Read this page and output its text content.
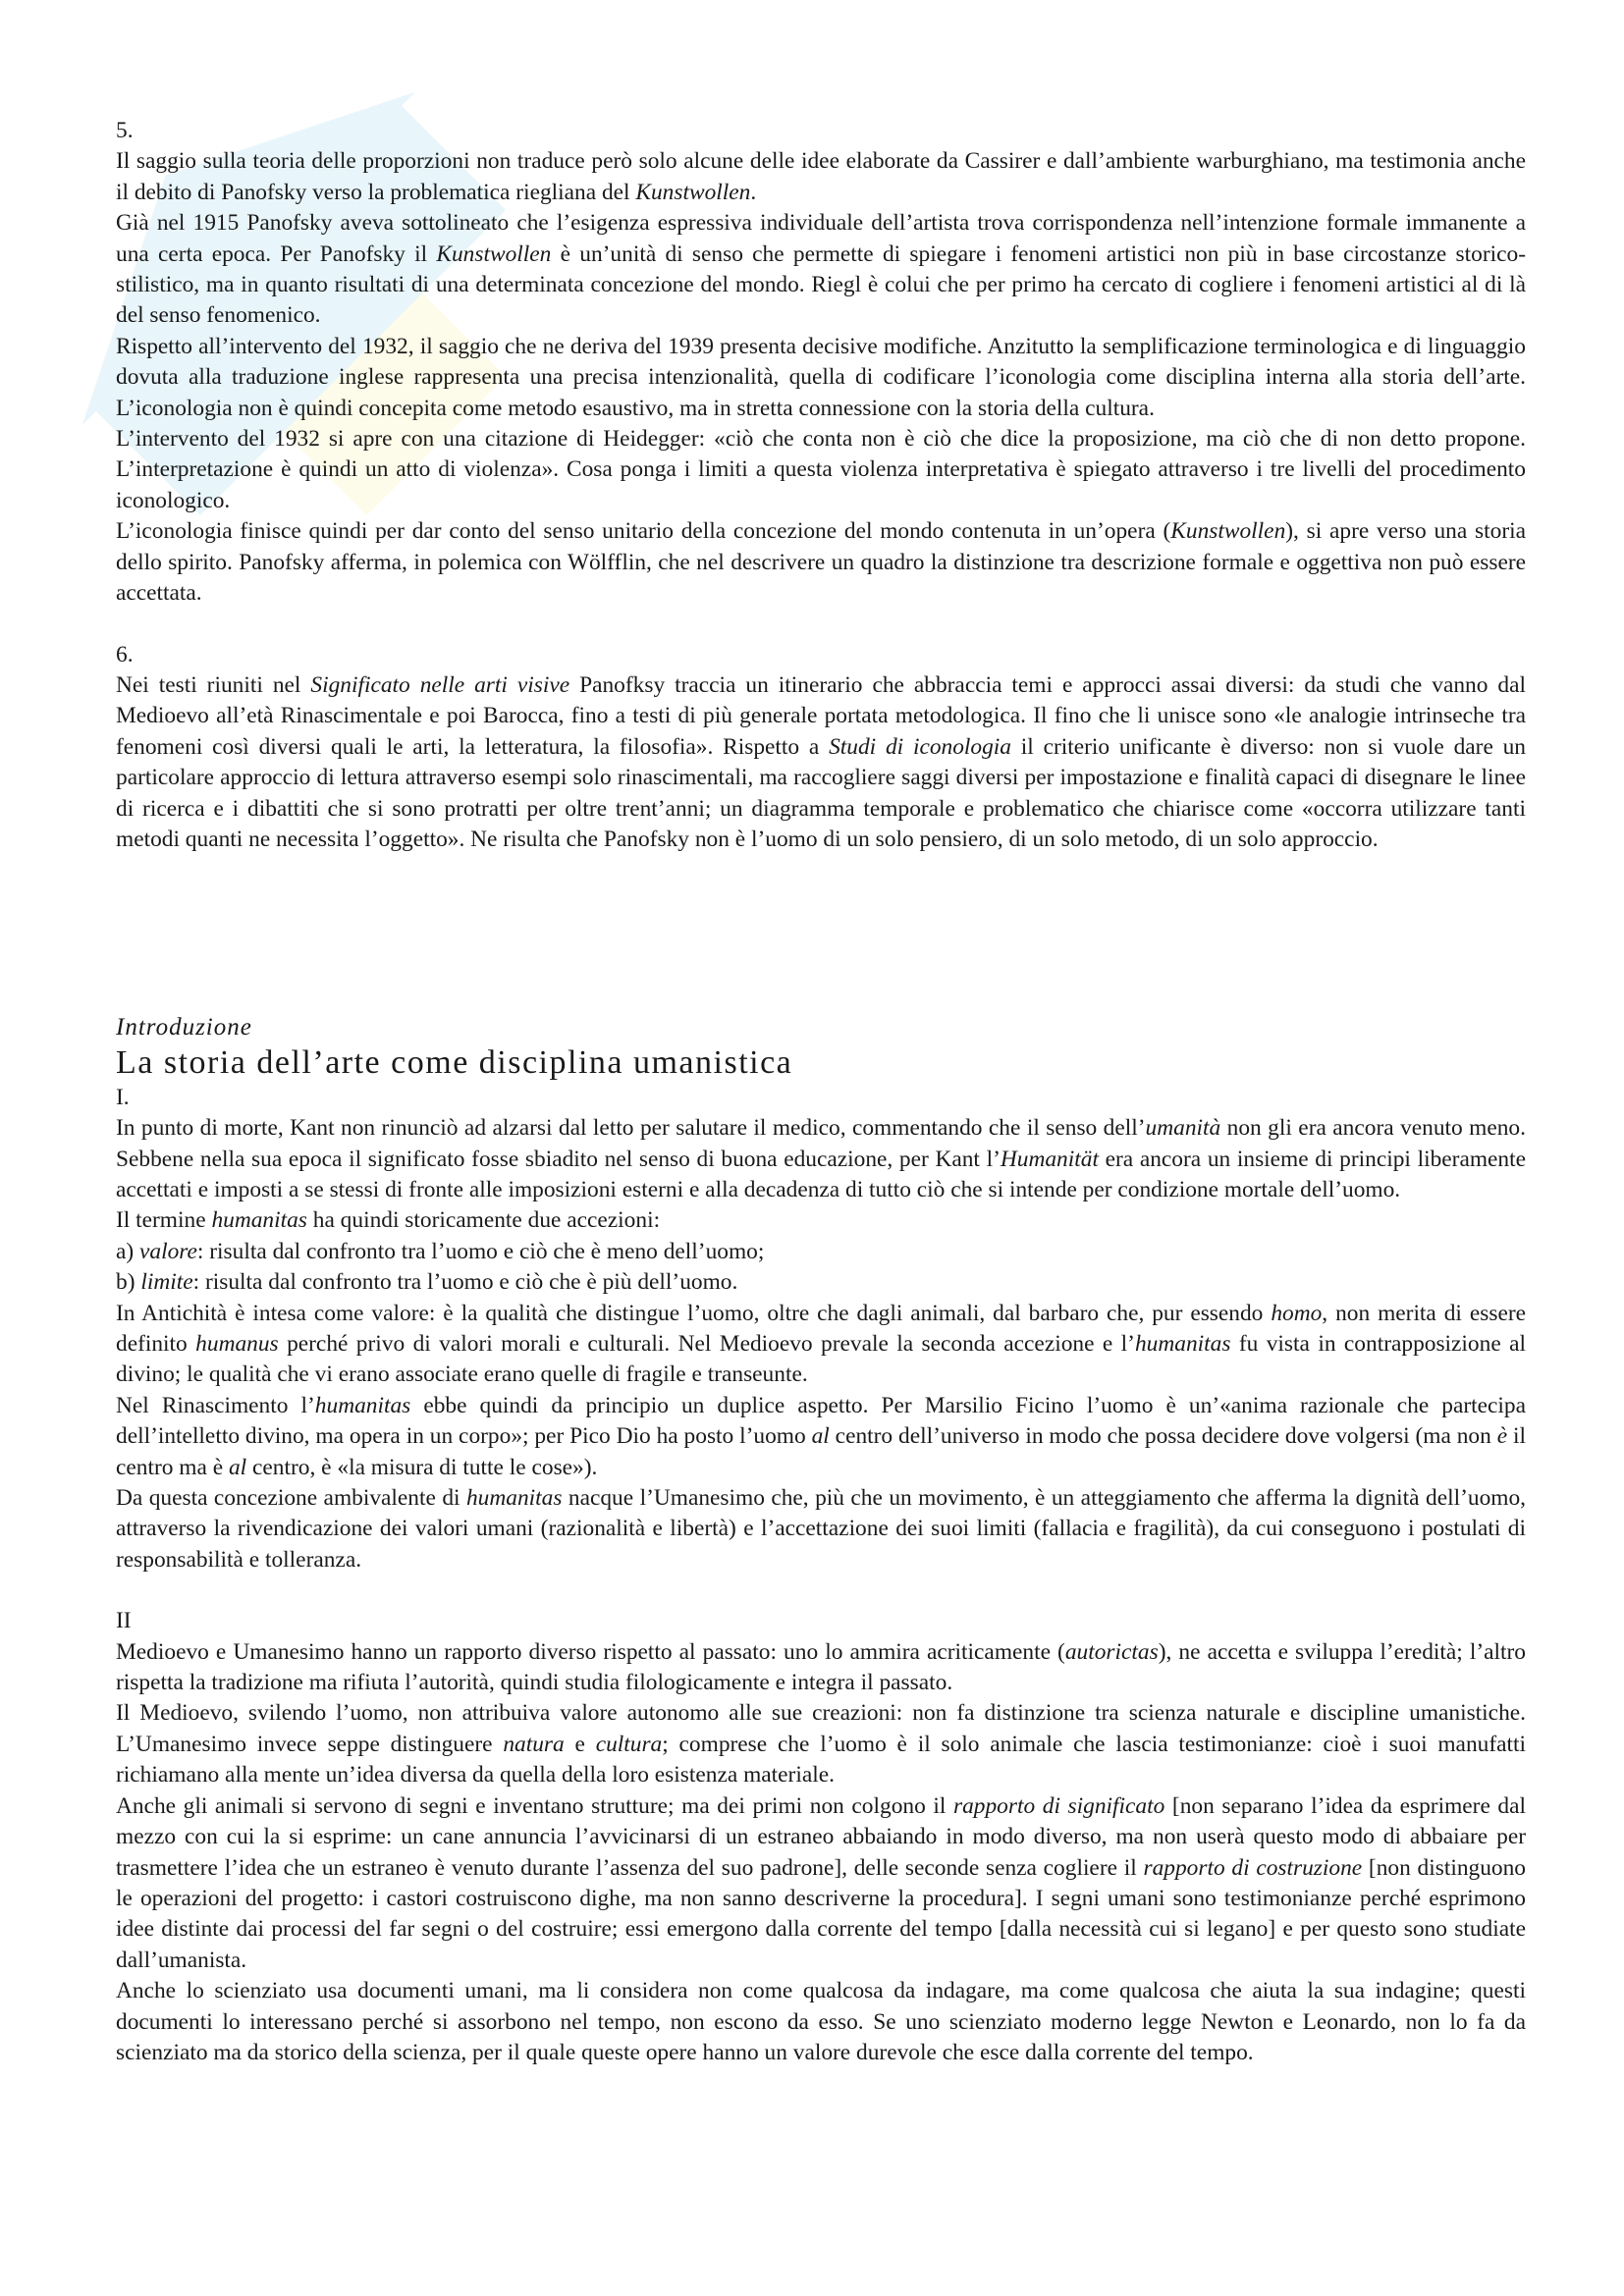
5.

Il saggio sulla teoria delle proporzioni non traduce però solo alcune delle idee elaborate da Cassirer e dall’ambiente warburghiano, ma testimonia anche il debito di Panofsky verso la problematica riegliana del Kunstwollen.

Già nel 1915 Panofsky aveva sottolineato che l’esigenza espressiva individuale dell’artista trova corrispondenza nell’intenzione formale immanente a una certa epoca. Per Panofsky il Kunstwollen è un’unità di senso che permette di spiegare i fenomeni artistici non più in base circostanze storico-stilistico, ma in quanto risultati di una determinata concezione del mondo. Riegl è colui che per primo ha cercato di cogliere i fenomeni artistici al di là del senso fenomenico.

Rispetto all’intervento del 1932, il saggio che ne deriva del 1939 presenta decisive modifiche. Anzitutto la semplificazione terminologica e di linguaggio dovuta alla traduzione inglese rappresenta una precisa intenzionalità, quella di codificare l’iconologia come disciplina interna alla storia dell’arte. L’iconologia non è quindi concepita come metodo esaustivo, ma in stretta connessione con la storia della cultura.

L’intervento del 1932 si apre con una citazione di Heidegger: «ciò che conta non è ciò che dice la proposizione, ma ciò che di non detto propone. L’interpretazione è quindi un atto di violenza». Cosa ponga i limiti a questa violenza interpretativa è spiegato attraverso i tre livelli del procedimento iconologico.

L’iconologia finisce quindi per dar conto del senso unitario della concezione del mondo contenuta in un’opera (Kunstwollen), si apre verso una storia dello spirito. Panofsky afferma, in polemica con Wölfflin, che nel descrivere un quadro la distinzione tra descrizione formale e oggettiva non può essere accettata.

6.

Nei testi riuniti nel Significato nelle arti visive Panofksy traccia un itinerario che abbraccia temi e approcci assai diversi: da studi che vanno dal Medioevo all’età Rinascimentale e poi Barocca, fino a testi di più generale portata metodologica. Il fino che li unisce sono «le analogie intrinseche tra fenomeni così diversi quali le arti, la letteratura, la filosofia». Rispetto a Studi di iconologia il criterio unificante è diverso: non si vuole dare un particolare approccio di lettura attraverso esempi solo rinascimentali, ma raccogliere saggi diversi per impostazione e finalità capaci di disegnare le linee di ricerca e i dibattiti che si sono protratti per oltre trent’anni; un diagramma temporale e problematico che chiarisce come «occorra utilizzare tanti metodi quanti ne necessita l’oggetto». Ne risulta che Panofsky non è l’uomo di un solo pensiero, di un solo metodo, di un solo approccio.

Introduzione

La storia dell’arte come disciplina umanistica

I.

In punto di morte, Kant non rinunciò ad alzarsi dal letto per salutare il medico, commentando che il senso dell’umanità non gli era ancora venuto meno. Sebbene nella sua epoca il significato fosse sbiadito nel senso di buona educazione, per Kant l’Humanität era ancora un insieme di principi liberamente accettati e imposti a se stessi di fronte alle imposizioni esterni e alla decadenza di tutto ciò che si intende per condizione mortale dell’uomo.

Il termine humanitas ha quindi storicamente due accezioni:

a) valore: risulta dal confronto tra l’uomo e ciò che è meno dell’uomo;

b) limite: risulta dal confronto tra l’uomo e ciò che è più dell’uomo.

In Antichità è intesa come valore: è la qualità che distingue l’uomo, oltre che dagli animali, dal barbaro che, pur essendo homo, non merita di essere definito humanus perché privo di valori morali e culturali. Nel Medioevo prevale la seconda accezione e l’humanitas fu vista in contrapposizione al divino; le qualità che vi erano associate erano quelle di fragile e transeunte.

Nel Rinascimento l’humanitas ebbe quindi da principio un duplice aspetto. Per Marsilio Ficino l’uomo è un’«anima razionale che partecipa dell’intelletto divino, ma opera in un corpo»; per Pico Dio ha posto l’uomo al centro dell’universo in modo che possa decidere dove volgersi (ma non è il centro ma è al centro, è «la misura di tutte le cose»).

Da questa concezione ambivalente di humanitas nacque l’Umanesimo che, più che un movimento, è un atteggiamento che afferma la dignità dell’uomo, attraverso la rivendicazione dei valori umani (razionalità e libertà) e l’accettazione dei suoi limiti (fallacia e fragilità), da cui conseguono i postulati di responsabilità e tolleranza.

II

Medioevo e Umanesimo hanno un rapporto diverso rispetto al passato: uno lo ammira acriticamente (autorictas), ne accetta e sviluppa l’eredità; l’altro rispetta la tradizione ma rifiuta l’autorità, quindi studia filologicamente e integra il passato.

Il Medioevo, svilendo l’uomo, non attribuiva valore autonomo alle sue creazioni: non fa distinzione tra scienza naturale e discipline umanistiche. L’Umanesimo invece seppe distinguere natura e cultura; comprese che l’uomo è il solo animale che lascia testimonianze: cioè i suoi manufatti richiamano alla mente un’idea diversa da quella della loro esistenza materiale.

Anche gli animali si servono di segni e inventano strutture; ma dei primi non colgono il rapporto di significato [non separano l’idea da esprimere dal mezzo con cui la si esprime: un cane annuncia l’avvicinarsi di un estraneo abbaiando in modo diverso, ma non userà questo modo di abbaiare per trasmettere l’idea che un estraneo è venuto durante l’assenza del suo padrone], delle seconde senza cogliere il rapporto di costruzione [non distinguono le operazioni del progetto: i castori costruiscono dighe, ma non sanno descriverne la procedura]. I segni umani sono testimonianze perché esprimono idee distinte dai processi del far segni o del costruire; essi emergono dalla corrente del tempo [dalla necessità cui si legano] e per questo sono studiate dall’umanista.

Anche lo scienziato usa documenti umani, ma li considera non come qualcosa da indagare, ma come qualcosa che aiuta la sua indagine; questi documenti lo interessano perché si assorbono nel tempo, non escono da esso. Se uno scienziato moderno legge Newton e Leonardo, non lo fa da scienziato ma da storico della scienza, per il quale queste opere hanno un valore durevole che esce dalla corrente del tempo.
